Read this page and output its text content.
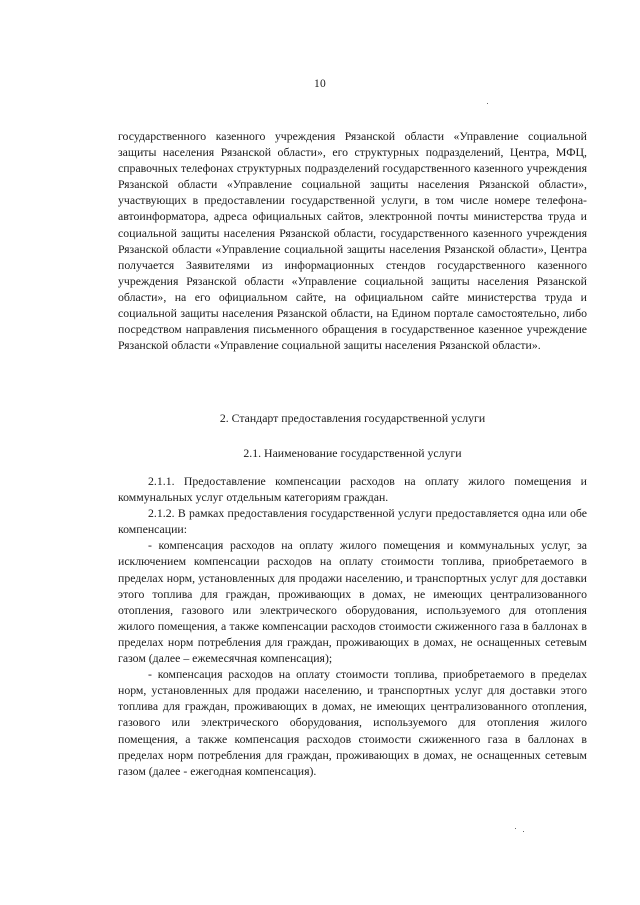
10

государственного казенного учреждения Рязанской области «Управление социальной защиты населения Рязанской области», его структурных подразделений, Центра, МФЦ, справочных телефонах структурных подразделений государственного казенного учреждения Рязанской области «Управление социальной защиты населения Рязанской области», участвующих в предоставлении государственной услуги, в том числе номере телефона-автоинформатора, адреса официальных сайтов, электронной почты министерства труда и социальной защиты населения Рязанской области, государственного казенного учреждения Рязанской области «Управление социальной защиты населения Рязанской области», Центра получается Заявителями из информационных стендов государственного казенного учреждения Рязанской области «Управление социальной защиты населения Рязанской области», на его официальном сайте, на официальном сайте министерства труда и социальной защиты населения Рязанской области, на Едином портале самостоятельно, либо посредством направления письменного обращения в государственное казенное учреждение Рязанской области «Управление социальной защиты населения Рязанской области».

2. Стандарт предоставления государственной услуги

2.1. Наименование государственной услуги

2.1.1. Предоставление компенсации расходов на оплату жилого помещения и коммунальных услуг отдельным категориям граждан.

2.1.2. В рамках предоставления государственной услуги предоставляется одна или обе компенсации:

- компенсация расходов на оплату жилого помещения и коммунальных услуг, за исключением компенсации расходов на оплату стоимости топлива, приобретаемого в пределах норм, установленных для продажи населению, и транспортных услуг для доставки этого топлива для граждан, проживающих в домах, не имеющих централизованного отопления, газового или электрического оборудования, используемого для отопления жилого помещения, а также компенсации расходов стоимости сжиженного газа в баллонах в пределах норм потребления для граждан, проживающих в домах, не оснащенных сетевым газом (далее – ежемесячная компенсация);

- компенсация расходов на оплату стоимости топлива, приобретаемого в пределах норм, установленных для продажи населению, и транспортных услуг для доставки этого топлива для граждан, проживающих в домах, не имеющих централизованного отопления, газового или электрического оборудования, используемого для отопления жилого помещения, а также компенсация расходов стоимости сжиженного газа в баллонах в пределах норм потребления для граждан, проживающих в домах, не оснащенных сетевым газом (далее - ежегодная компенсация).
